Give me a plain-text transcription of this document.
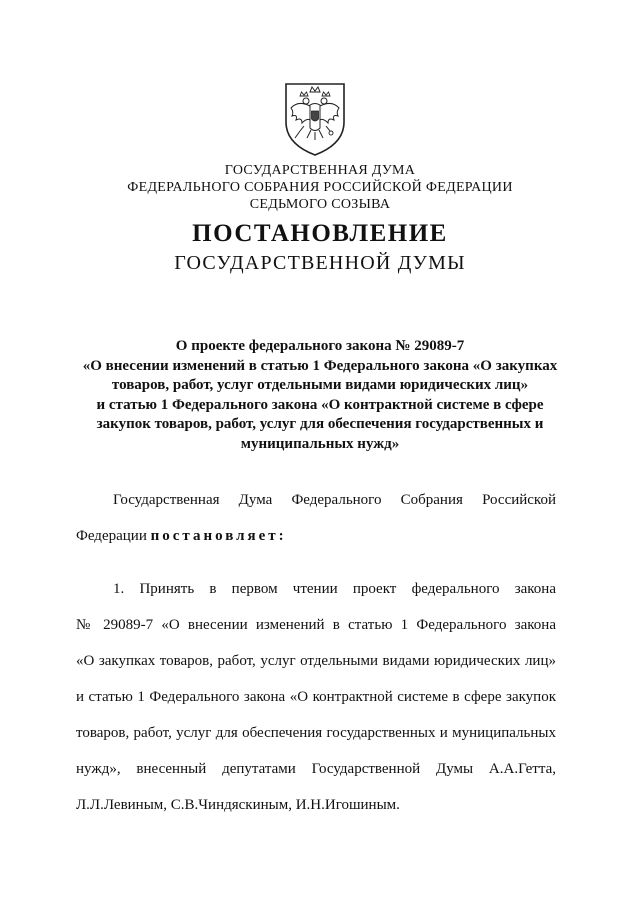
ГОСУДАРСТВЕННАЯ ДУМА
ФЕДЕРАЛЬНОГО СОБРАНИЯ РОССИЙСКОЙ ФЕДЕРАЦИИ
СЕДЬМОГО СОЗЫВА
ПОСТАНОВЛЕНИЕ
ГОСУДАРСТВЕННОЙ ДУМЫ
О проекте федерального закона № 29089-7
«О внесении изменений в статью 1 Федерального закона «О закупках
товаров, работ, услуг отдельными видами юридических лиц»
и статью 1 Федерального закона «О контрактной системе в сфере
закупок товаров, работ, услуг для обеспечения государственных и
муниципальных нужд»
Государственная Дума Федерального Собрания Российской
Федерации постановляет:
1. Принять в первом чтении проект федерального закона
№ 29089-7 «О внесении изменений в статью 1 Федерального закона
«О закупках товаров, работ, услуг отдельными видами юридических лиц»
и статью 1 Федерального закона «О контрактной системе в сфере закупок
товаров, работ, услуг для обеспечения государственных и муниципальных
нужд», внесенный депутатами Государственной Думы А.А.Гетта,
Л.Л.Левиным, С.В.Чиндяскиным, И.Н.Игошиным.
